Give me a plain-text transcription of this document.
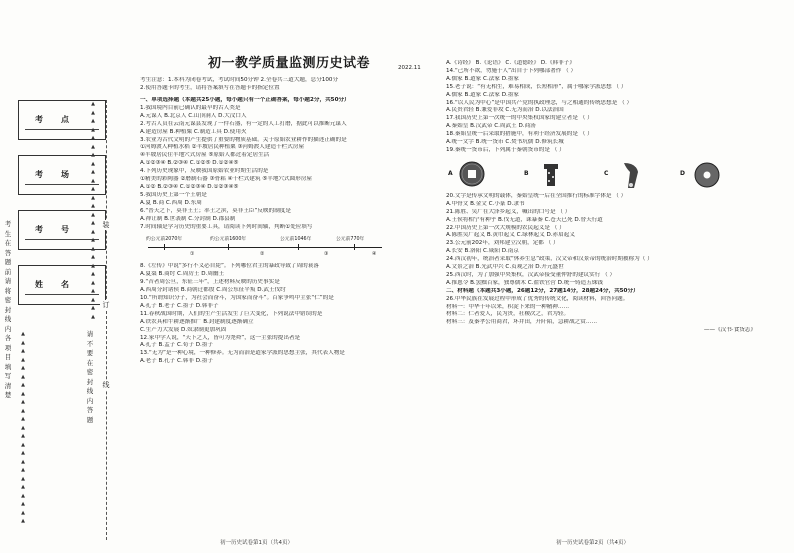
考点
考场
考号
姓名
考生在答题前请将密封线内各项目填写清楚
请不要在密封线内答题
▲
▲
▲
▲
▲
▲
▲
▲
▲
▲
▲
▲
▲
▲
▲
▲
▲
▲
▲
▲
▲
▲
▲
▲
▲
▲
▲
▲
▲
▲
▲
▲
▲
▲
▲
▲
▲
▲
▲
▲
▲
▲
▲
▲
▲
▲
▲
▲
▲
装
订
线
初一教学质量监测历史试卷	2022.11
考生注意：1.本科为闭卷考试，考试时间50分钟 2.全卷共三道大题，总分100分
2.使用答题卡的考生，请将答案填写在答题卡的指定位置
一、单项选择题（本题共25小题，每小题只有一个正确答案，每小题2分，共50分）
1.我国境内目前已确认的最早的古人类是
A.元谋人 B.北京人 C.山顶洞人 D.大汶口人
2.考古人员在云南元谋县发现了一件石器，有一定的人工打磨，据此可以推断元谋人
A.建造房屋 B.种植粟 C.制造工具 D.使用火
3.农业为古代文明的产生提供了重要的物质基础。关于原始农业耕作的描述正确的是
①河姆渡人种植水稻 ②半坡居民种植粟 ③河姆渡人建造干栏式房屋
④半坡居民住半地穴式房屋 ⑤原始人都过着定居生活
A.①②③④ B.②③④ C.①②⑤ D.①②④⑤
4.下列历史现象中，反映我国原始农业时期生活的是
①精美的彩陶器 ②磨制石器 ③骨耜 ④干栏式建筑 ⑤半地穴式圆形房屋
A.①② B.②③④ C.①②③④ D.①②③④⑤
5.我国历史上第一个王朝是
A.夏 B.商 C.西周 D.东周
6.“普天之下，莫非王土；率土之滨，莫非王臣”反映的制度是
A.禅让制 B.世袭制 C.分封制 D.郡县制
7.时间轴是学习历史的重要工具，请阅读下列时间轴，判断①处应填写
约公元前2070年	约公元前1600年	公元前1046年	公元前770年
①	②	③	④
8.《左传》中说“多行不义必自毙”。下列哪位君主的暴政导致了周的衰落
A.夏桀 B.商纣 C.周厉王 D.周幽王
9.“昔者周公旦，东征三年”，上述材料反映的历史事实是
A.西周分封诸侯 B.商朝迁都殷 C.周公东征平叛 D.武王伐纣
10.“所谓知识分子，为社会而奋斗，为国家而奋斗”。百家争鸣中主张“仁”的是
A.孔子 B.老子 C.墨子 D.韩非子
11.春秋战国时期，人们的生产生活发生了巨大变化，下列说法中错误的是
A.铁农具和牛耕逐渐推广 B.封建制度逐渐确立
C.生产力大发展 D.奴隶制更加巩固
12.家中学人说，“天下之人，皆可为尧舜”，这一主张的提出者是
A.孔子 B.孟子 C.荀子 D.墨子
13.“无为”是一种心境，一种修养。无为而治是道家学派的思想主张，其代表人物是
A.老子 B.孔子 C.韩非 D.墨子
A.《诗经》 B.《论语》 C.《道德经》 D.《韩非子》
14.“己所不欲，勿施于人”出自于下列哪部著作 （ ）
A.儒家 B.道家 C.法家 D.墨家
15.老子说：“有无相生，难易相成，长短相形”，属于哪家学派思想 （ ）
A.儒家 B.道家 C.法家 D.墨家
16.“以人民为中心”是中国共产党的执政理念，与之相通的传统思想是 （ ）
A.民贵君轻 B.兼爱非攻 C.无为而治 D.以法治国
17.我国历史上第一次统一的中央集权国家的建立者是 （ ）
A.秦始皇 B.汉武帝 C.周武王 D.商汤
18.秦始皇统一后采取的措施中，有利于经济发展的是 （ ）
A.统一文字 B.统一货币 C.焚书坑儒 D.修筑长城
19.秦统一货币后，下列属于秦朝货币的是 （ ）
A	B	C	D
20.文字是传承文明的载体，秦始皇统一后在全国推行的标准字体是 （ ）
A.甲骨文 B.金文 C.小篆 D.隶书
21.陈胜、吴广在大泽乡起义，喊出的口号是 （ ）
A.王侯将相宁有种乎 B.伐无道，诛暴秦 C.苍天已死 D.替天行道
22.中国历史上第一次大规模的农民起义是 （ ）
A.陈胜吴广起义 B.黄巾起义 C.绿林起义 D.赤眉起义
23.公元前202年，刘邦建立汉朝，定都 （ ）
A.长安 B.洛阳 C.咸阳 D.南京
24.西汉初年，统治者采取“休养生息”政策，汉文帝和汉景帝的统治时期被称为（ ）
A.文景之治 B.光武中兴 C.贞观之治 D.开元盛世
25.西汉时，为了加强中央集权，汉武帝接受董仲舒的建议实行 （ ）
A.推恩令 B.罢黜百家，独尊儒术 C.盐铁官营 D.统一铸造五铢钱
二、材料题（本题共3小题，26题12分，27题14分，28题24分，共50分）
26.中华民族在发展过程中形成了优秀的传统文化，阅读材料，回答问题。
材料一：中华千年以来，积淀下来的一种精神……
材料二：仁者爱人，民为贵，社稷次之，君为轻。
材料三：及秦孝公用商君，坏井田，开阡陌，急耕战之赏……
——《汉书·食货志》
初一历史试卷第1页（共4页）	初一历史试卷第2页（共4页）
